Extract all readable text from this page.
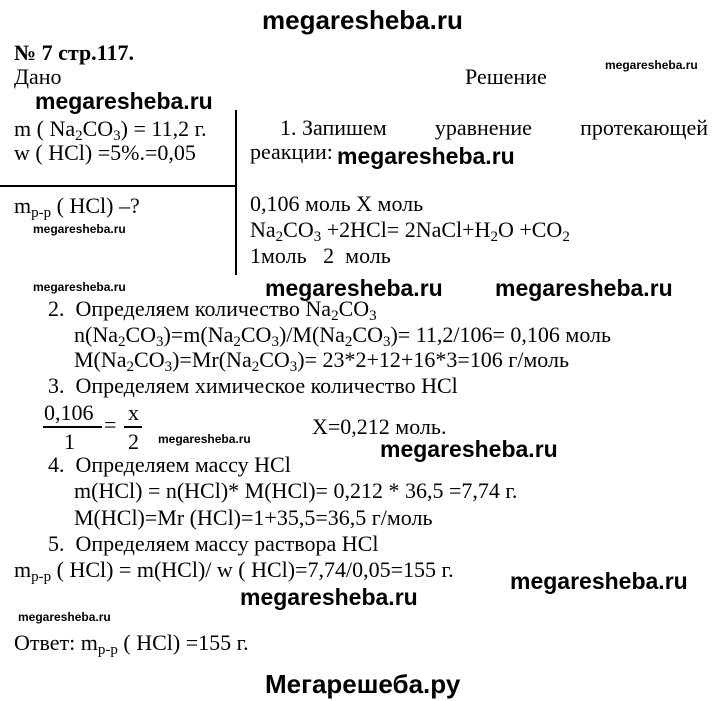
megaresheba.ru
№ 7 стр.117.
Дано	Решение	megaresheba.ru
megaresheba.ru
m ( $Na_2CO_3) = 11,2$ г.
w ( HCl) =5%.=0,05
$m_{р-р}$ ( HCl) –?
megaresheba.ru
1. Запишем уравнение протекающей
реакции: megaresheba.ru
0,106 моль X моль
$Na_2CO_3 +2HCl=$ $2NaCl+H_2O +CO_2$
1моль   2  моль
megaresheba.ru	megaresheba.ru megaresheba.ru
2.  Определяем количество $Na_2CO_3$
$n(Na_2CO_3)=m(Na_2CO_3)/M(Na_2CO_3)= 11,2/106= 0,106$ моль
$M(Na_2CO_3)=Mr(Na_2CO_3)= 23*2+12+16*3=106$ г/моль
3.  Определяем химическое количество HCl
0,106
1
= x
2
X=0,212 моль.
megaresheba.ru	megaresheba.ru
4.  Определяем массу HCl
m(HCl) = n(HCl)* M(HCl)= 0,212 * 36,5 =7,74 г.
M(HCl)=Mr (HCl)=1+35,5=36,5 г/моль
5.  Определяем массу раствора HCl
$m_{р-р}$ ( HCl) = m(HCl)/ w ( HCl)=7,74/0,05=155 г. megaresheba.ru
megaresheba.ru
megaresheba.ru
Ответ: $m_{р-р}$ ( HCl) =155 г.
Мегарешеба.ру
